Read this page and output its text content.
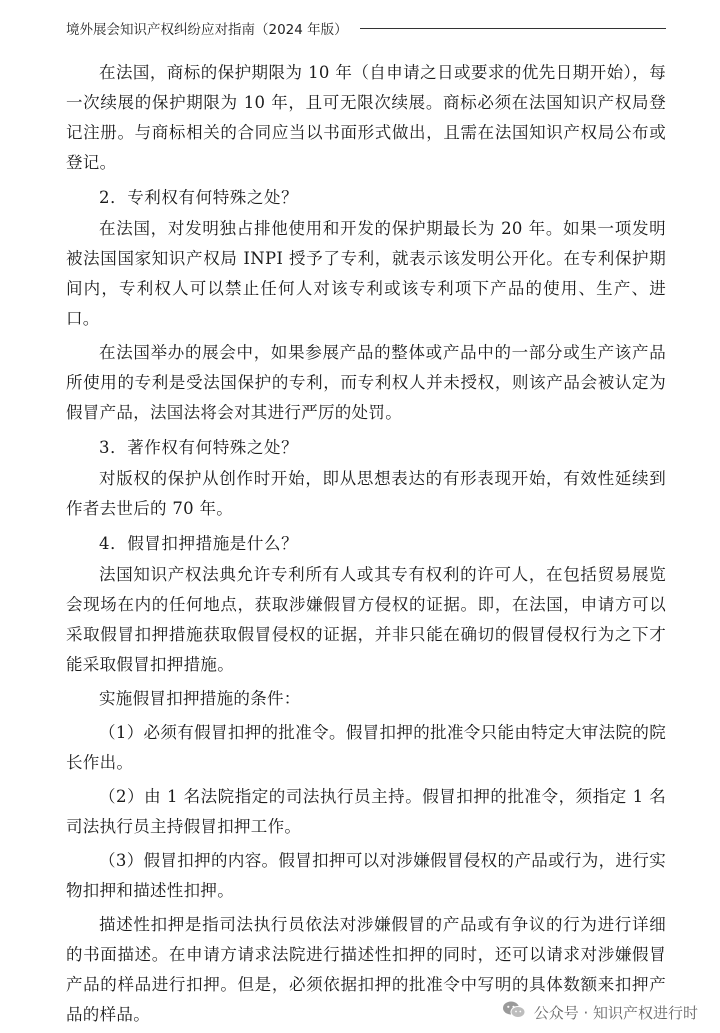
境外展会知识产权纠纷应对指南（2024 年版）

在法国，商标的保护期限为 10 年（自申请之日或要求的优先日期开始），每一次续展的保护期限为 10 年，且可无限次续展。商标必须在法国知识产权局登记注册。与商标相关的合同应当以书面形式做出，且需在法国知识产权局公布或登记。

2．专利权有何特殊之处？

在法国，对发明独占排他使用和开发的保护期最长为 20 年。如果一项发明被法国国家知识产权局 INPI 授予了专利，就表示该发明公开化。在专利保护期间内，专利权人可以禁止任何人对该专利或该专利项下产品的使用、生产、进口。

在法国举办的展会中，如果参展产品的整体或产品中的一部分或生产该产品所使用的专利是受法国保护的专利，而专利权人并未授权，则该产品会被认定为假冒产品，法国法将会对其进行严厉的处罚。

3．著作权有何特殊之处？

对版权的保护从创作时开始，即从思想表达的有形表现开始，有效性延续到作者去世后的 70 年。

4．假冒扣押措施是什么？

法国知识产权法典允许专利所有人或其专有权利的许可人，在包括贸易展览会现场在内的任何地点，获取涉嫌假冒方侵权的证据。即，在法国，申请方可以采取假冒扣押措施获取假冒侵权的证据，并非只能在确切的假冒侵权行为之下才能采取假冒扣押措施。

实施假冒扣押措施的条件：

（1）必须有假冒扣押的批准令。假冒扣押的批准令只能由特定大审法院的院长作出。

（2）由 1 名法院指定的司法执行员主持。假冒扣押的批准令，须指定 1 名司法执行员主持假冒扣押工作。

（3）假冒扣押的内容。假冒扣押可以对涉嫌假冒侵权的产品或行为，进行实物扣押和描述性扣押。

描述性扣押是指司法执行员依法对涉嫌假冒的产品或有争议的行为进行详细的书面描述。在申请方请求法院进行描述性扣押的同时，还可以请求对涉嫌假冒产品的样品进行扣押。但是，必须依据扣押的批准令中写明的具体数额来扣押产品的样品。	公众号 · 知识产权进行时
